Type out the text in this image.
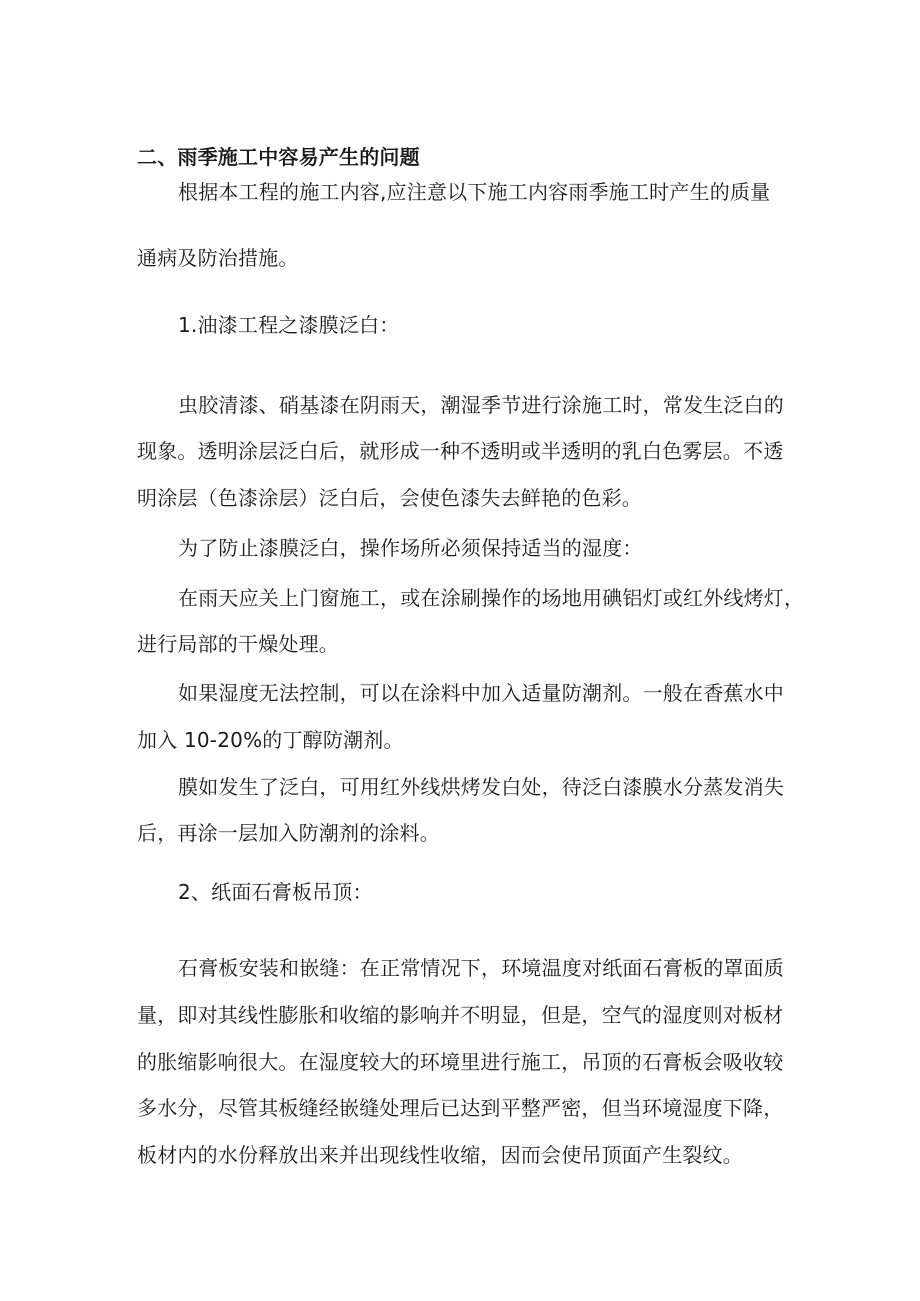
二、雨季施工中容易产生的问题
根据本工程的施工内容,应注意以下施工内容雨季施工时产生的质量
通病及防治措施。
1.油漆工程之漆膜泛白：
虫胶清漆、硝基漆在阴雨天，潮湿季节进行涂施工时，常发生泛白的
现象。透明涂层泛白后，就形成一种不透明或半透明的乳白色雾层。不透
明涂层（色漆涂层）泛白后，会使色漆失去鲜艳的色彩。
为了防止漆膜泛白，操作场所必须保持适当的湿度：
在雨天应关上门窗施工，或在涂刷操作的场地用碘铝灯或红外线烤灯，
进行局部的干燥处理。
如果湿度无法控制，可以在涂料中加入适量防潮剂。一般在香蕉水中
加入 10-20%的丁醇防潮剂。
膜如发生了泛白，可用红外线烘烤发白处，待泛白漆膜水分蒸发消失
后，再涂一层加入防潮剂的涂料。
2、纸面石膏板吊顶：
石膏板安装和嵌缝：在正常情况下，环境温度对纸面石膏板的罩面质
量，即对其线性膨胀和收缩的影响并不明显，但是，空气的湿度则对板材
的胀缩影响很大。在湿度较大的环境里进行施工，吊顶的石膏板会吸收较
多水分，尽管其板缝经嵌缝处理后已达到平整严密，但当环境湿度下降，
板材内的水份释放出来并出现线性收缩，因而会使吊顶面产生裂纹。
